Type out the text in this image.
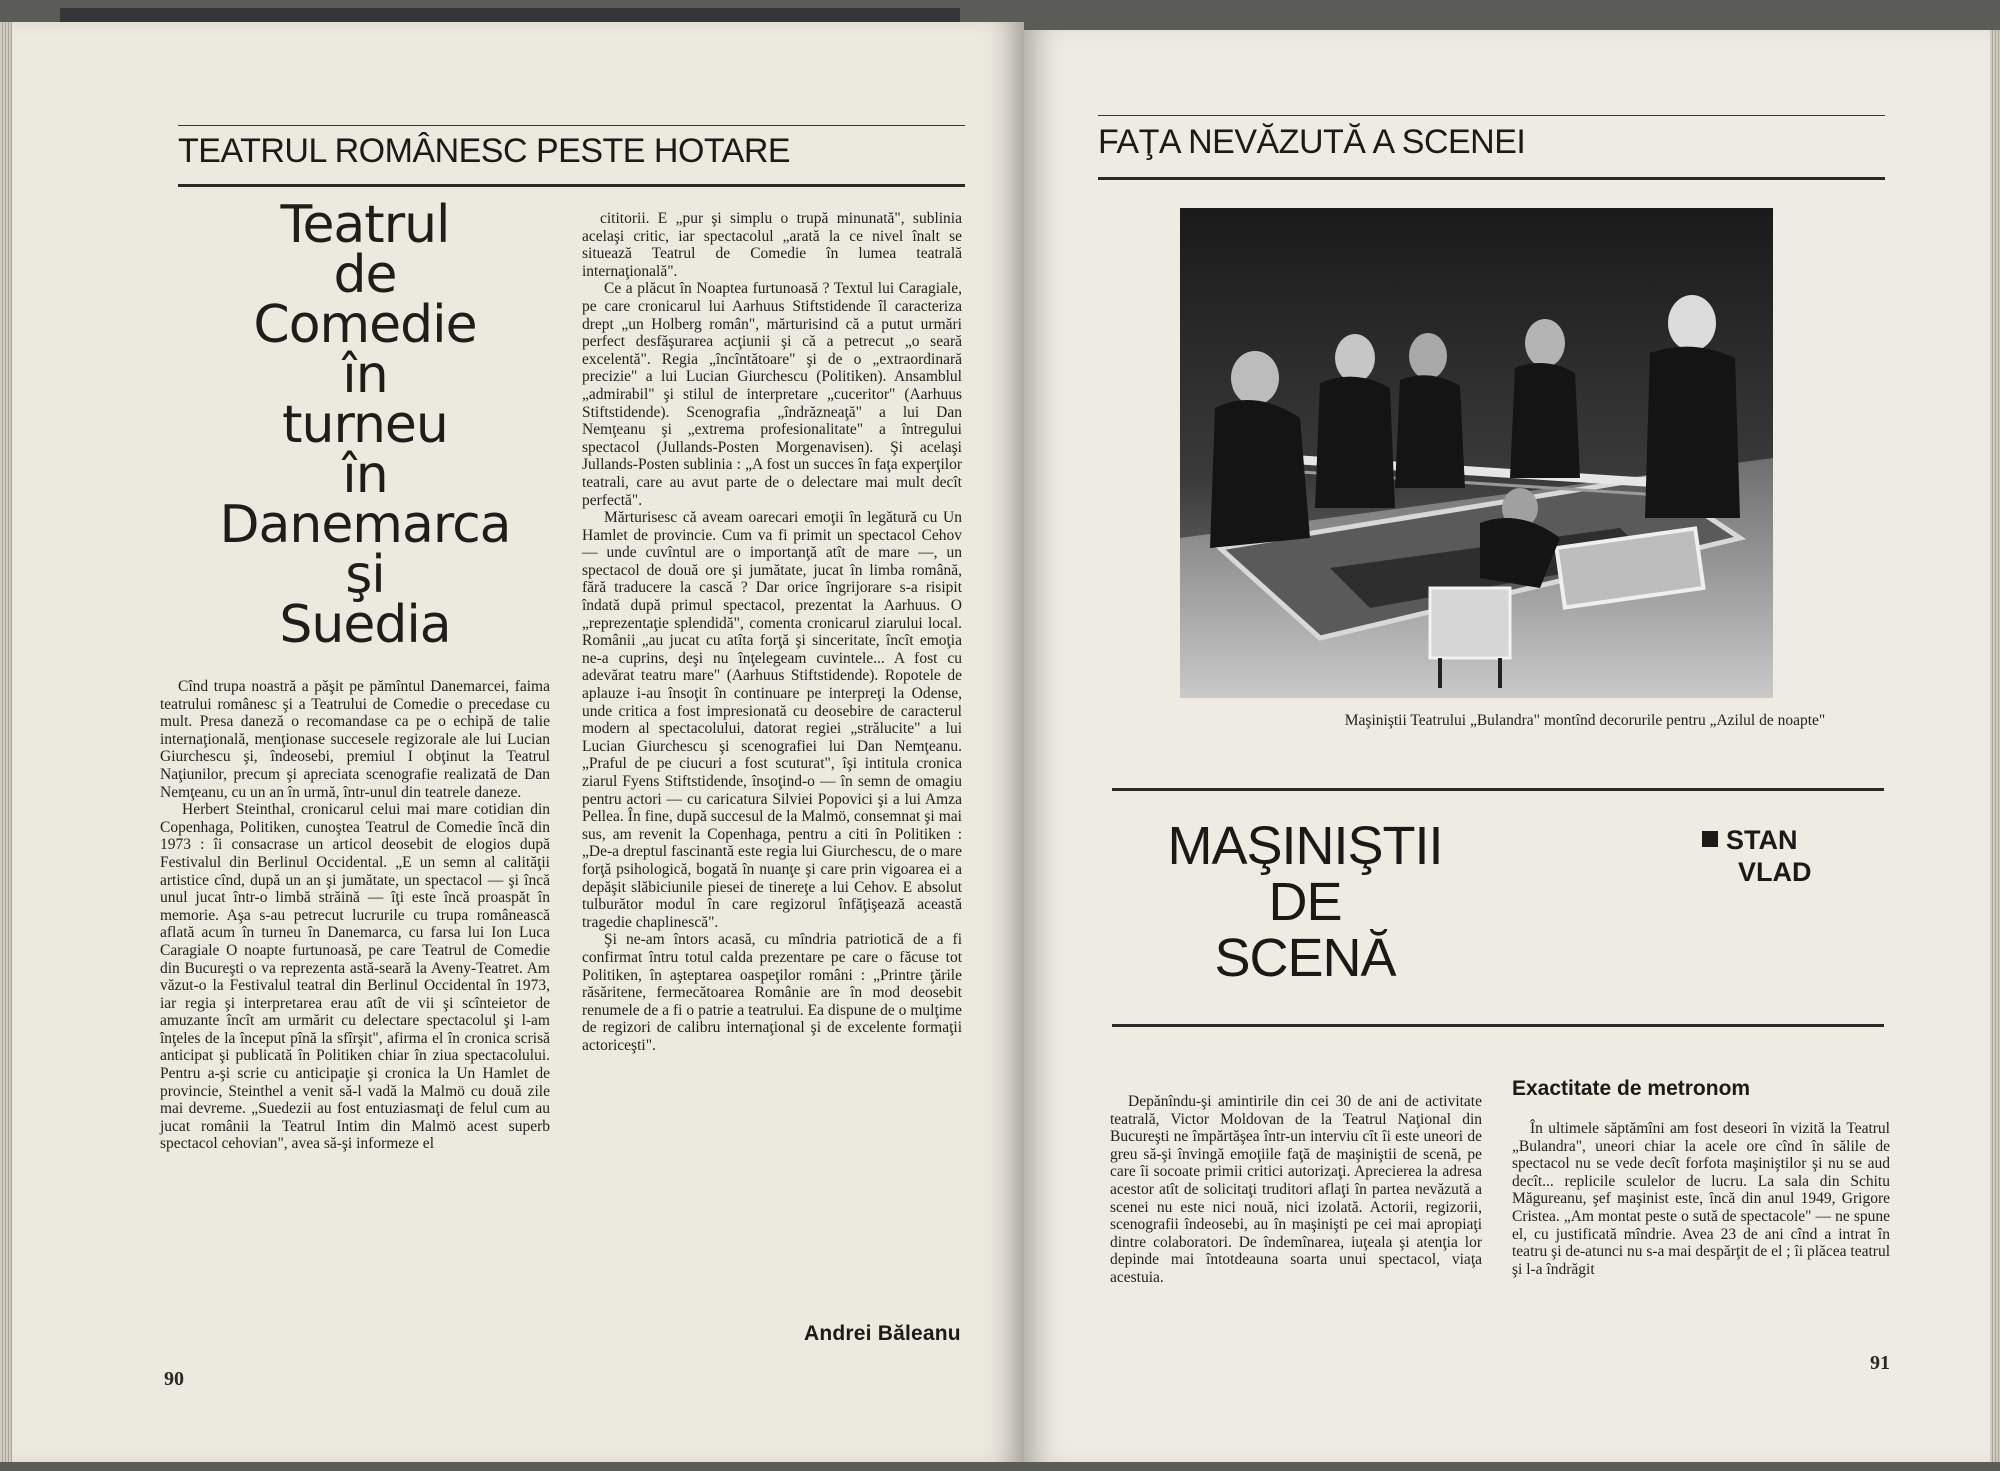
TEATRUL ROMÂNESC PESTE HOTARE
Teatrul
de
Comedie
în
turneu
în
Danemarca
şi
Suedia

Cînd trupa noastră a păşit pe pămîntul Danemarcei, faima teatrului românesc şi a Teatrului de Comedie o precedase cu mult. Presa daneză o recomandase ca pe o echipă de talie internaţională, menţionase succesele regizorale ale lui Lucian Giurchescu şi, îndeosebi, premiul I obţinut la Teatrul Naţiunilor, precum şi apreciata scenografie realizată de Dan Nemţeanu, cu un an în urmă, într-unul din teatrele daneze.

Herbert Steinthal, cronicarul celui mai mare cotidian din Copenhaga, Politiken, cunoştea Teatrul de Comedie încă din 1973 : îi consacrase un articol deosebit de elogios după Festivalul din Berlinul Occidental. „E un semn al calităţii artistice cînd, după un an şi jumătate, un spectacol — şi încă unul jucat într-o limbă străină — îţi este încă proaspăt în memorie. Aşa s-au petrecut lucrurile cu trupa românească aflată acum în turneu în Danemarca, cu farsa lui Ion Luca Caragiale O noapte furtunoasă, pe care Teatrul de Comedie din Bucureşti o va reprezenta astă-seară la Aveny-Teatret. Am văzut-o la Festivalul teatral din Berlinul Occidental în 1973, iar regia şi interpretarea erau atît de vii şi scînteietor de amuzante încît am urmărit cu delectare spectacolul şi l-am înţeles de la început pînă la sfîrşit", afirma el în cronica scrisă anticipat şi publicată în Politiken chiar în ziua spectacolului. Pentru a-şi scrie cu anticipaţie şi cronica la Un Hamlet de provincie, Steinthel a venit să-l vadă la Malmö cu două zile mai devreme. „Suedezii au fost entuziasmaţi de felul cum au jucat românii la Teatrul Intim din Malmö acest superb spectacol cehovian", avea să-şi informeze el

cititorii. E „pur şi simplu o trupă minunată", sublinia acelaşi critic, iar spectacolul „arată la ce nivel înalt se situează Teatrul de Comedie în lumea teatrală internaţională".

Ce a plăcut în Noaptea furtunoasă ? Textul lui Caragiale, pe care cronicarul lui Aarhuus Stiftstidende îl caracteriza drept „un Holberg român", mărturisind că a putut urmări perfect desfăşurarea acţiunii şi că a petrecut „o seară excelentă". Regia „încîntătoare" şi de o „extraordinară precizie" a lui Lucian Giurchescu (Politiken). Ansamblul „admirabil" şi stilul de interpretare „cuceritor" (Aarhuus Stiftstidende). Scenografia „îndrăzneaţă" a lui Dan Nemţeanu şi „extrema profesionalitate" a întregului spectacol (Jullands-Posten Morgenavisen). Şi acelaşi Jullands-Posten sublinia : „A fost un succes în faţa experţilor teatrali, care au avut parte de o delectare mai mult decît perfectă".

Mărturisesc că aveam oarecari emoţii în legătură cu Un Hamlet de provincie. Cum va fi primit un spectacol Cehov — unde cuvîntul are o importanţă atît de mare —, un spectacol de două ore şi jumătate, jucat în limba română, fără traducere la cască ? Dar orice îngrijorare s-a risipit îndată după primul spectacol, prezentat la Aarhuus. O „reprezentaţie splendidă", comenta cronicarul ziarului local. Românii „au jucat cu atîta forţă şi sinceritate, încît emoţia ne-a cuprins, deşi nu înţelegeam cuvintele... A fost cu adevărat teatru mare" (Aarhuus Stiftstidende). Ropotele de aplauze i-au însoţit în continuare pe interpreţi la Odense, unde critica a fost impresionată cu deosebire de caracterul modern al spectacolului, datorat regiei „strălucite" a lui Lucian Giurchescu şi scenografiei lui Dan Nemţeanu. „Praful de pe ciucuri a fost scuturat", îşi intitula cronica ziarul Fyens Stiftstidende, însoţind-o — în semn de omagiu pentru actori — cu caricatura Silviei Popovici şi a lui Amza Pellea. În fine, după succesul de la Malmö, consemnat şi mai sus, am revenit la Copenhaga, pentru a citi în Politiken : „De-a dreptul fascinantă este regia lui Giurchescu, de o mare forţă psihologică, bogată în nuanţe şi care prin vigoarea ei a depăşit slăbiciunile piesei de tinereţe a lui Cehov. E absolut tulburător modul în care regizorul înfăţişează această tragedie chaplinescă".

Şi ne-am întors acasă, cu mîndria patriotică de a fi confirmat întru totul calda prezentare pe care o făcuse tot Politiken, în aşteptarea oaspeţilor români : „Printre ţările răsăritene, fermecătoarea Românie are în mod deosebit renumele de a fi o patrie a teatrului. Ea dispune de o mulţime de regizori de calibru internaţional şi de excelente formaţii actoriceşti".

Andrei Băleanu
90
FAŢA NEVĂZUTĂ A SCENEI
Maşiniştii Teatrului „Bulandra" montînd decorurile pentru „Azilul de noapte"
MAŞINIŞTII
DE
SCENĂ
STAN
VLAD

Depănîndu-şi amintirile din cei 30 de ani de activitate teatrală, Victor Moldovan de la Teatrul Naţional din Bucureşti ne împărtăşea într-un interviu cît îi este uneori de greu să-şi învingă emoţiile faţă de maşiniştii de scenă, pe care îi socoate primii critici autorizaţi. Aprecierea la adresa acestor atît de solicitaţi truditori aflaţi în partea nevăzută a scenei nu este nici nouă, nici izolată. Actorii, regizorii, scenografii îndeosebi, au în maşinişti pe cei mai apropiaţi dintre colaboratori. De îndemînarea, iuţeala şi atenţia lor depinde mai întotdeauna soarta unui spectacol, viaţa acestuia.

Exactitate de metronom

În ultimele săptămîni am fost deseori în vizită la Teatrul „Bulandra", uneori chiar la acele ore cînd în sălile de spectacol nu se vede decît forfota maşiniştilor şi nu se aud decît... replicile sculelor de lucru. La sala din Schitu Măgureanu, şef maşinist este, încă din anul 1949, Grigore Cristea. „Am montat peste o sută de spectacole" — ne spune el, cu justificată mîndrie. Avea 23 de ani cînd a intrat în teatru şi de-atunci nu s-a mai despărţit de el ; îi plăcea teatrul şi l-a îndrăgit

91
